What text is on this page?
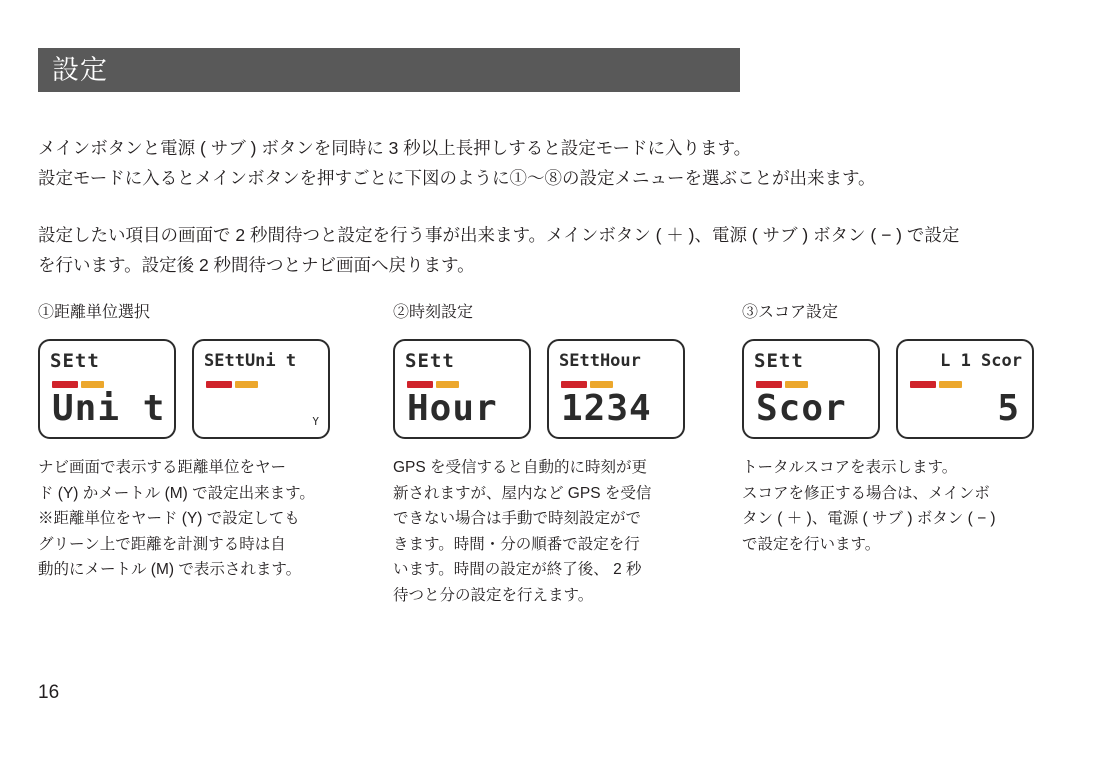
設定
メインボタンと電源 ( サブ ) ボタンを同時に 3 秒以上長押しすると設定モードに入ります。
設定モードに入るとメインボタンを押すごとに下図のように①〜⑧の設定メニューを選ぶことが出来ます。
設定したい項目の画面で 2 秒間待つと設定を行う事が出来ます。メインボタン ( ＋ )、電源 ( サブ ) ボタン ( − ) で設定
を行います。設定後 2 秒間待つとナビ画面へ戻ります。
①距離単位選択
SEtt
Uni t
SEttUni t
Y
ナビ画面で表示する距離単位をヤー
ド (Y) かメートル (M) で設定出来ます。
※距離単位をヤード (Y) で設定しても
グリーン上で距離を計測する時は自
動的にメートル (M) で表示されます。
②時刻設定
SEtt
Hour
SEttHour
1234
GPS を受信すると自動的に時刻が更
新されますが、屋内など GPS を受信
できない場合は手動で時刻設定がで
きます。時間・分の順番で設定を行
います。時間の設定が終了後、 2 秒
待つと分の設定を行えます。
③スコア設定
SEtt
Scor
L 1 Scor
5
トータルスコアを表示します。
スコアを修正する場合は、メインボ
タン ( ＋ )、電源 ( サブ ) ボタン ( − )
で設定を行います。
16
